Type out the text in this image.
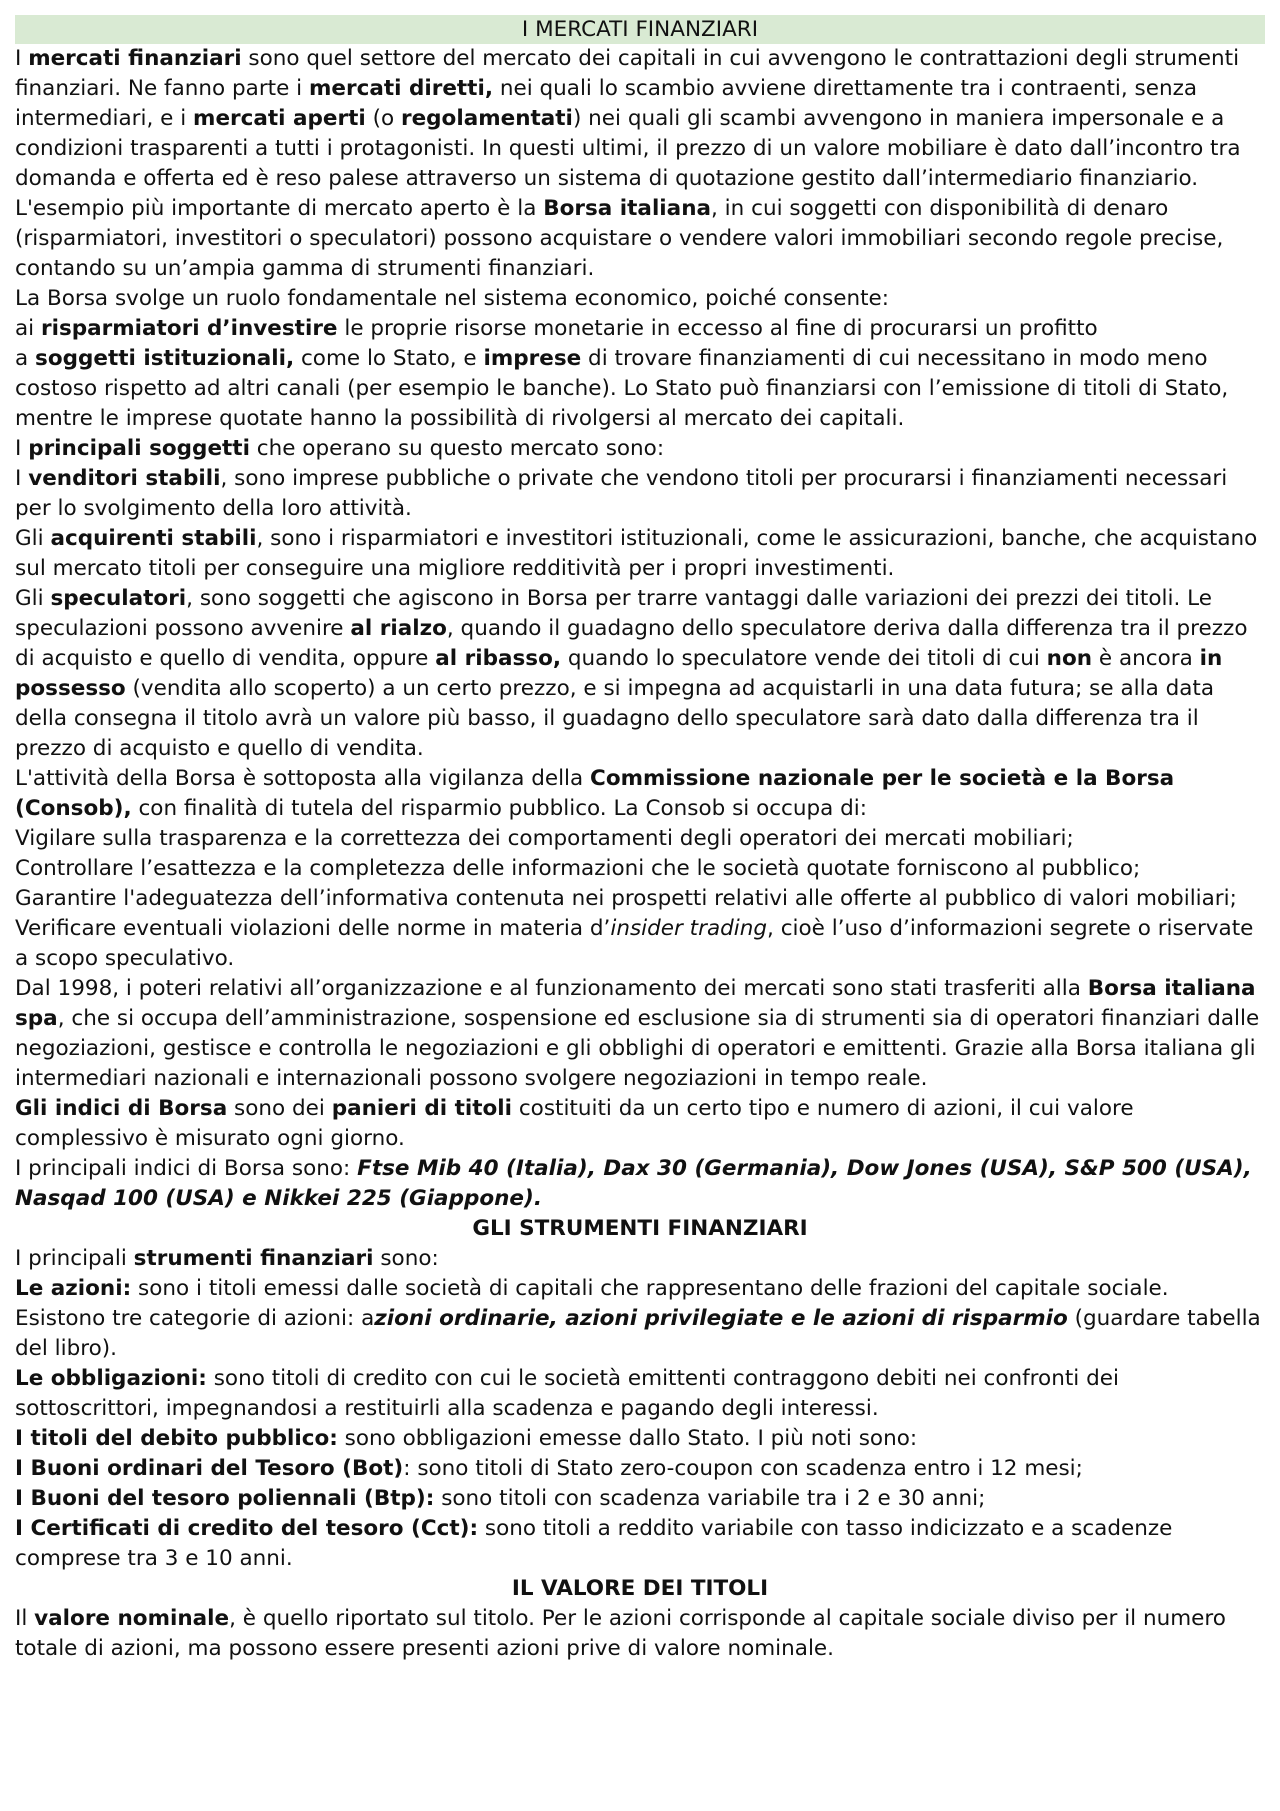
I MERCATI FINANZIARI

I mercati finanziari sono quel settore del mercato dei capitali in cui avvengono le contrattazioni degli strumenti finanziari. Ne fanno parte i mercati diretti, nei quali lo scambio avviene direttamente tra i contraenti, senza intermediari, e i mercati aperti (o regolamentati) nei quali gli scambi avvengono in maniera impersonale e a condizioni trasparenti a tutti i protagonisti. In questi ultimi, il prezzo di un valore mobiliare è dato dall’incontro tra domanda e offerta ed è reso palese attraverso un sistema di quotazione gestito dall’intermediario finanziario.

L'esempio più importante di mercato aperto è la Borsa italiana, in cui soggetti con disponibilità di denaro (risparmiatori, investitori o speculatori) possono acquistare o vendere valori immobiliari secondo regole precise, contando su un’ampia gamma di strumenti finanziari.

La Borsa svolge un ruolo fondamentale nel sistema economico, poiché consente:

ai risparmiatori d’investire le proprie risorse monetarie in eccesso al fine di procurarsi un profitto

a soggetti istituzionali, come lo Stato, e imprese di trovare finanziamenti di cui necessitano in modo meno costoso rispetto ad altri canali (per esempio le banche). Lo Stato può finanziarsi con l’emissione di titoli di Stato, mentre le imprese quotate hanno la possibilità di rivolgersi al mercato dei capitali.

I principali soggetti che operano su questo mercato sono:

I venditori stabili, sono imprese pubbliche o private che vendono titoli per procurarsi i finanziamenti necessari per lo svolgimento della loro attività.

Gli acquirenti stabili, sono i risparmiatori e investitori istituzionali, come le assicurazioni, banche, che acquistano sul mercato titoli per conseguire una migliore redditività per i propri investimenti.

Gli speculatori, sono soggetti che agiscono in Borsa per trarre vantaggi dalle variazioni dei prezzi dei titoli. Le speculazioni possono avvenire al rialzo, quando il guadagno dello speculatore deriva dalla differenza tra il prezzo di acquisto e quello di vendita, oppure al ribasso, quando lo speculatore vende dei titoli di cui non è ancora in possesso (vendita allo scoperto) a un certo prezzo, e si impegna ad acquistarli in una data futura; se alla data della consegna il titolo avrà un valore più basso, il guadagno dello speculatore sarà dato dalla differenza tra il prezzo di acquisto e quello di vendita.

L'attività della Borsa è sottoposta alla vigilanza della Commissione nazionale per le società e la Borsa (Consob), con finalità di tutela del risparmio pubblico. La Consob si occupa di:

Vigilare sulla trasparenza e la correttezza dei comportamenti degli operatori dei mercati mobiliari;

Controllare l’esattezza e la completezza delle informazioni che le società quotate forniscono al pubblico;

Garantire l'adeguatezza dell’informativa contenuta nei prospetti relativi alle offerte al pubblico di valori mobiliari;

Verificare eventuali violazioni delle norme in materia d’insider trading, cioè l’uso d’informazioni segrete o riservate a scopo speculativo.

Dal 1998, i poteri relativi all’organizzazione e al funzionamento dei mercati sono stati trasferiti alla Borsa italiana spa, che si occupa dell’amministrazione, sospensione ed esclusione sia di strumenti sia di operatori finanziari dalle negoziazioni, gestisce e controlla le negoziazioni e gli obblighi di operatori e emittenti. Grazie alla Borsa italiana gli intermediari nazionali e internazionali possono svolgere negoziazioni in tempo reale.

Gli indici di Borsa sono dei panieri di titoli costituiti da un certo tipo e numero di azioni, il cui valore complessivo è misurato ogni giorno.

I principali indici di Borsa sono: Ftse Mib 40 (Italia), Dax 30 (Germania), Dow Jones (USA), S&P 500 (USA), Nasqad 100 (USA) e Nikkei 225 (Giappone).

GLI STRUMENTI FINANZIARI

I principali strumenti finanziari sono:

Le azioni: sono i titoli emessi dalle società di capitali che rappresentano delle frazioni del capitale sociale. Esistono tre categorie di azioni: azioni ordinarie, azioni privilegiate e le azioni di risparmio (guardare tabella del libro).

Le obbligazioni: sono titoli di credito con cui le società emittenti contraggono debiti nei confronti dei sottoscrittori, impegnandosi a restituirli alla scadenza e pagando degli interessi.

I titoli del debito pubblico: sono obbligazioni emesse dallo Stato. I più noti sono:

I Buoni ordinari del Tesoro (Bot): sono titoli di Stato zero-coupon con scadenza entro i 12 mesi;

I Buoni del tesoro poliennali (Btp): sono titoli con scadenza variabile tra i 2 e 30 anni;

I Certificati di credito del tesoro (Cct): sono titoli a reddito variabile con tasso indicizzato e a scadenze comprese tra 3 e 10 anni.

IL VALORE DEI TITOLI

Il valore nominale, è quello riportato sul titolo. Per le azioni corrisponde al capitale sociale diviso per il numero totale di azioni, ma possono essere presenti azioni prive di valore nominale.
